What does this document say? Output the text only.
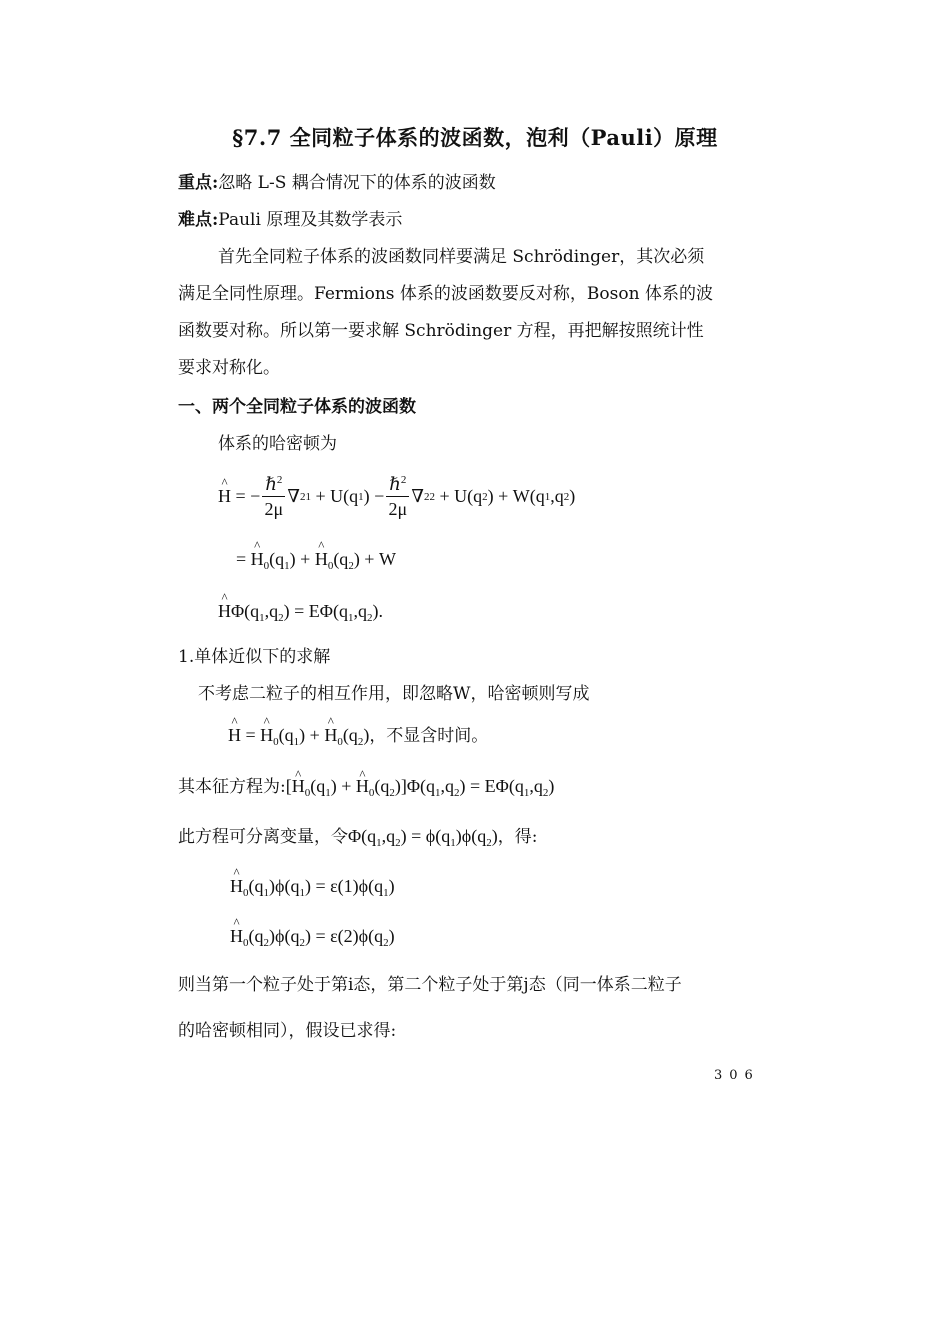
§7.7 全同粒子体系的波函数，泡利（Pauli）原理
重点:忽略 L-S 耦合情况下的体系的波函数
难点:Pauli 原理及其数学表示
首先全同粒子体系的波函数同样要满足 Schrödinger，其次必须
满足全同性原理。Fermions 体系的波函数要反对称，Boson 体系的波
函数要对称。所以第一要求解 Schrödinger 方程，再把解按照统计性
要求对称化。
一、两个全同粒子体系的波函数
体系的哈密顿为
^ H = − $\frac{\hbar^2}{2\mu}$ ∇ 2 1 + U(q 1 ) − $\frac{\hbar^2}{2\mu}$ ∇ 2 2 + U(q 2 ) + W(q 1 ,q 2 )
= ^ $H_0(q_1)$ + ^ $H_0(q_2) + W$
^ $H\Phi(q_1,q_2) = E\Phi(q_1,q_2)$.
1.单体近似下的求解
不考虑二粒子的相互作用，即忽略W，哈密顿则写成
^ H = ^ $H_0(q_1)$ + ^ $H_0(q_2)$，不显含时间。
其本征方程为:[^ $H_0(q_1)$ + ^ $H_0(q_2)]\Phi(q_1,q_2) = E\Phi(q_1,q_2)$
此方程可分离变量，令$\Phi(q_1,q_2) = \phi(q_1)\phi(q_2)$，得:
^ $H_0(q_1)\phi(q_1) = \varepsilon(1)\phi(q_1)$
^ $H_0(q_2)\phi(q_2) = \varepsilon(2)\phi(q_2)$
则当第一个粒子处于第i态，第二个粒子处于第j态（同一体系二粒子
的哈密顿相同），假设已求得:
306
